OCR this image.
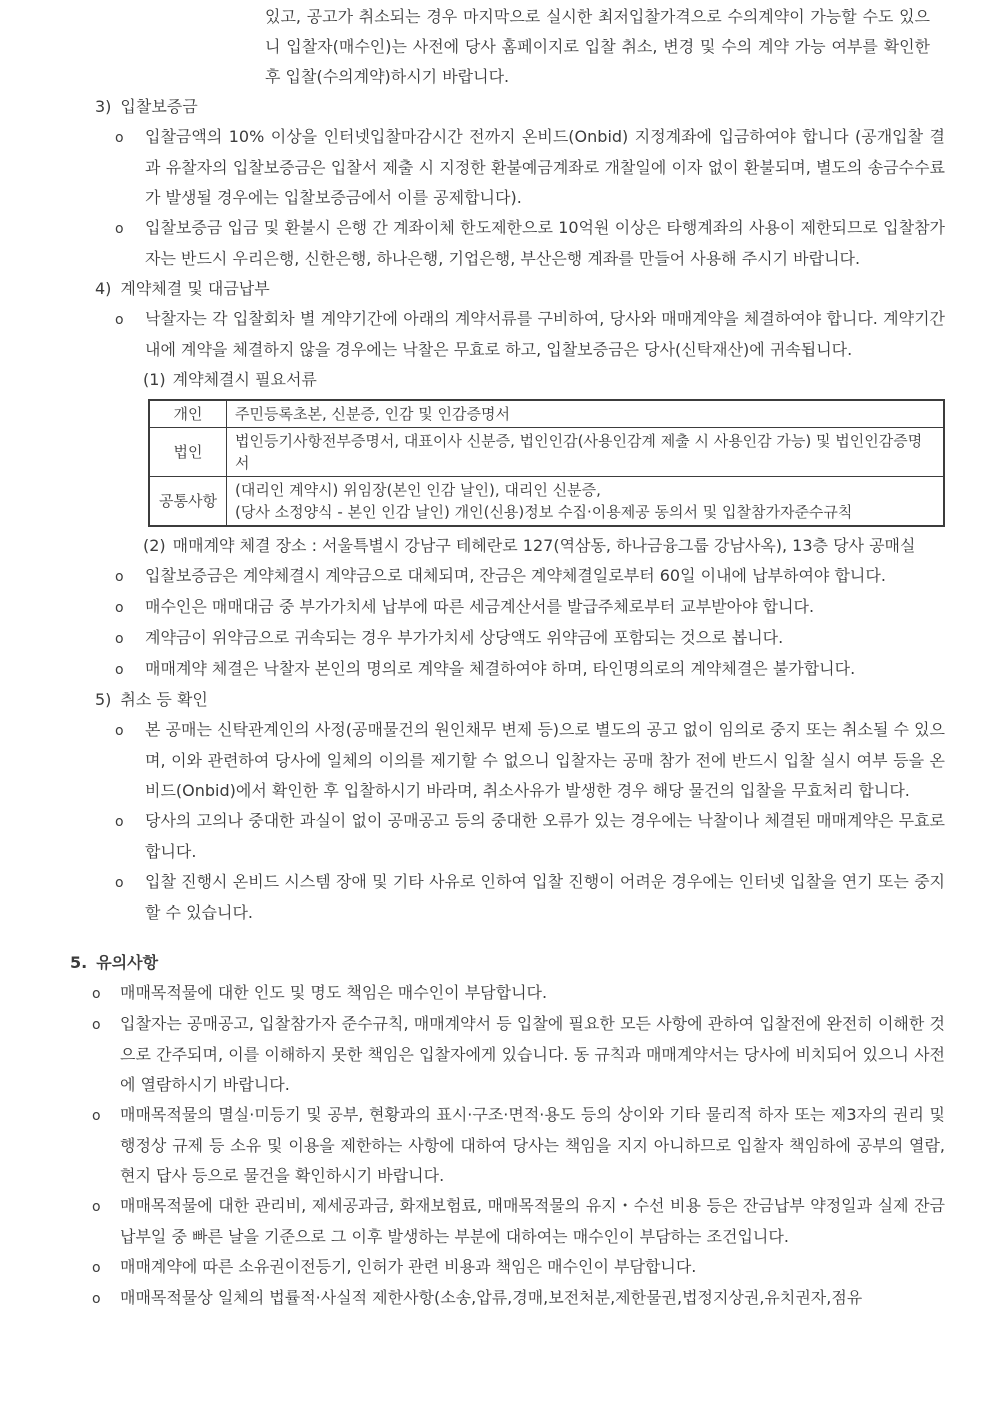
있고, 공고가 취소되는 경우 마지막으로 실시한 최저입찰가격으로 수의계약이 가능할 수도 있으니 입찰자(매수인)는 사전에 당사 홈페이지로 입찰 취소, 변경 및 수의 계약 가능 여부를 확인한 후 입찰(수의계약)하시기 바랍니다.
3) 입찰보증금
o 입찰금액의 10% 이상을 인터넷입찰마감시간 전까지 온비드(Onbid) 지정계좌에 입금하여야 합니다 (공개입찰 결과 유찰자의 입찰보증금은 입찰서 제출 시 지정한 환불예금계좌로 개찰일에 이자 없이 환불되며, 별도의 송금수수료가 발생될 경우에는 입찰보증금에서 이를 공제합니다).
o 입찰보증금 입금 및 환불시 은행 간 계좌이체 한도제한으로 10억원 이상은 타행계좌의 사용이 제한되므로 입찰참가자는 반드시 우리은행, 신한은행, 하나은행, 기업은행, 부산은행 계좌를 만들어 사용해 주시기 바랍니다.
4) 계약체결 및 대금납부
o 낙찰자는 각 입찰회차 별 계약기간에 아래의 계약서류를 구비하여, 당사와 매매계약을 체결하여야 합니다. 계약기간 내에 계약을 체결하지 않을 경우에는 낙찰은 무효로 하고, 입찰보증금은 당사(신탁재산)에 귀속됩니다.
(1) 계약체결시 필요서류
개인	주민등록초본, 신분증, 인감 및 인감증명서

법인	법인등기사항전부증명서, 대표이사 신분증, 법인인감(사용인감계 제출 시 사용인감 가능) 및 법인인감증명서

공통사항	(대리인 계약시) 위임장(본인 인감 날인), 대리인 신분증,
(당사 소정양식 - 본인 인감 날인) 개인(신용)정보 수집·이용제공 동의서 및 입찰참가자준수규칙
(2) 매매계약 체결 장소 : 서울특별시 강남구 테헤란로 127(역삼동, 하나금융그룹 강남사옥), 13층 당사 공매실
o 입찰보증금은 계약체결시 계약금으로 대체되며, 잔금은 계약체결일로부터 60일 이내에 납부하여야 합니다.
o 매수인은 매매대금 중 부가가치세 납부에 따른 세금계산서를 발급주체로부터 교부받아야 합니다.
o 계약금이 위약금으로 귀속되는 경우 부가가치세 상당액도 위약금에 포함되는 것으로 봅니다.
o 매매계약 체결은 낙찰자 본인의 명의로 계약을 체결하여야 하며, 타인명의로의 계약체결은 불가합니다.
5) 취소 등 확인
o 본 공매는 신탁관계인의 사정(공매물건의 원인채무 변제 등)으로 별도의 공고 없이 임의로 중지 또는 취소될 수 있으며, 이와 관련하여 당사에 일체의 이의를 제기할 수 없으니 입찰자는 공매 참가 전에 반드시 입찰 실시 여부 등을 온비드(Onbid)에서 확인한 후 입찰하시기 바라며, 취소사유가 발생한 경우 해당 물건의 입찰을 무효처리 합니다.
o 당사의 고의나 중대한 과실이 없이 공매공고 등의 중대한 오류가 있는 경우에는 낙찰이나 체결된 매매계약은 무효로 합니다.
o 입찰 진행시 온비드 시스템 장애 및 기타 사유로 인하여 입찰 진행이 어려운 경우에는 인터넷 입찰을 연기 또는 중지할 수 있습니다.
5. 유의사항
o 매매목적물에 대한 인도 및 명도 책임은 매수인이 부담합니다.
o 입찰자는 공매공고, 입찰참가자 준수규칙, 매매계약서 등 입찰에 필요한 모든 사항에 관하여 입찰전에 완전히 이해한 것으로 간주되며, 이를 이해하지 못한 책임은 입찰자에게 있습니다. 동 규칙과 매매계약서는 당사에 비치되어 있으니 사전에 열람하시기 바랍니다.
o 매매목적물의 멸실·미등기 및 공부, 현황과의 표시·구조·면적·용도 등의 상이와 기타 물리적 하자 또는 제3자의 권리 및 행정상 규제 등 소유 및 이용을 제한하는 사항에 대하여 당사는 책임을 지지 아니하므로 입찰자 책임하에 공부의 열람, 현지 답사 등으로 물건을 확인하시기 바랍니다.
o 매매목적물에 대한 관리비, 제세공과금, 화재보험료, 매매목적물의 유지・수선 비용 등은 잔금납부 약정일과 실제 잔금납부일 중 빠른 날을 기준으로 그 이후 발생하는 부분에 대하여는 매수인이 부담하는 조건입니다.
o 매매계약에 따른 소유권이전등기, 인허가 관련 비용과 책임은 매수인이 부담합니다.
o 매매목적물상 일체의 법률적·사실적 제한사항(소송,압류,경매,보전처분,제한물권,법정지상권,유치권자,점유
